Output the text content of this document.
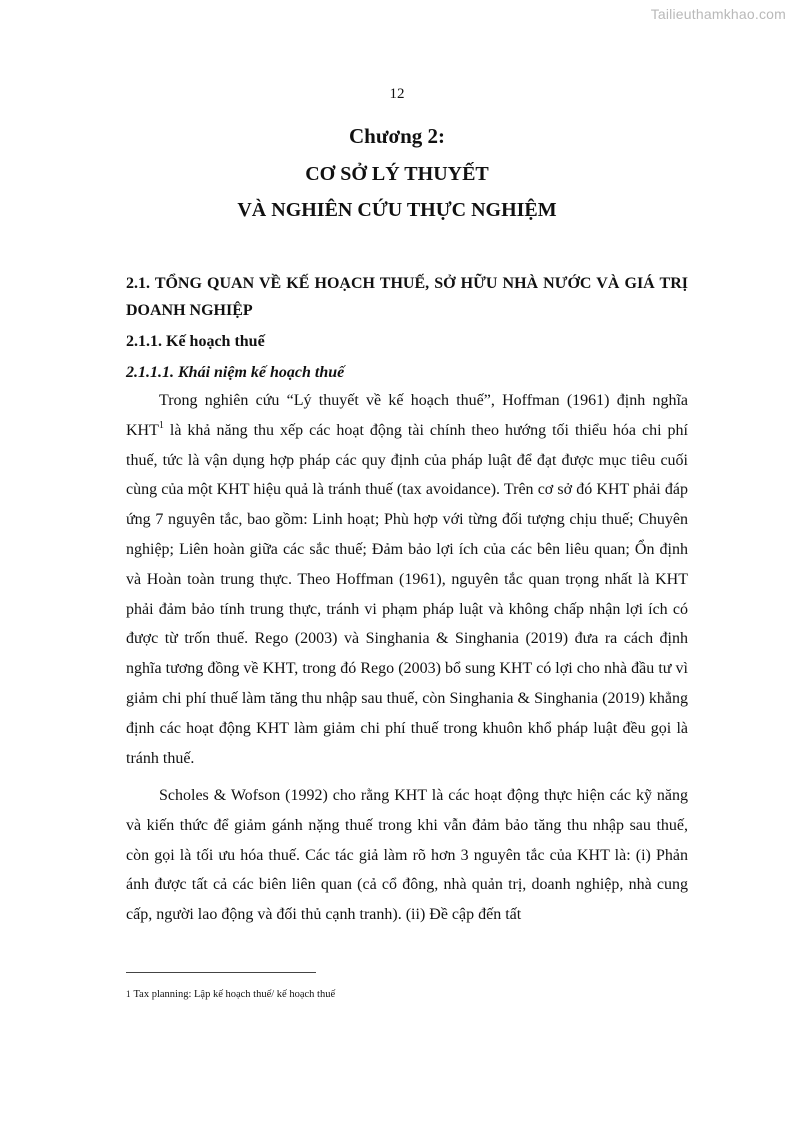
Tailieuthamkhao.com
12
Chương 2:
CƠ SỞ LÝ THUYẾT
VÀ NGHIÊN CỨU THỰC NGHIỆM
2.1. TỔNG QUAN VỀ KẾ HOẠCH THUẾ, SỞ HỮU NHÀ NƯỚC VÀ GIÁ TRỊ DOANH NGHIỆP
2.1.1. Kế hoạch thuế
2.1.1.1. Khái niệm kế hoạch thuế

Trong nghiên cứu “Lý thuyết về kế hoạch thuế”, Hoffman (1961) định nghĩa KHT$^1$ là khả năng thu xếp các hoạt động tài chính theo hướng tối thiểu hóa chi phí thuế, tức là vận dụng hợp pháp các quy định của pháp luật để đạt được mục tiêu cuối cùng của một KHT hiệu quả là tránh thuế (tax avoidance). Trên cơ sở đó KHT phải đáp ứng 7 nguyên tắc, bao gồm: Linh hoạt; Phù hợp với từng đối tượng chịu thuế; Chuyên nghiệp; Liên hoàn giữa các sắc thuế; Đảm bảo lợi ích của các bên liêu quan; Ổn định và Hoàn toàn trung thực. Theo Hoffman (1961), nguyên tắc quan trọng nhất là KHT phải đảm bảo tính trung thực, tránh vi phạm pháp luật và không chấp nhận lợi ích có được từ trốn thuế. Rego (2003) và Singhania & Singhania (2019) đưa ra cách định nghĩa tương đồng về KHT, trong đó Rego (2003) bổ sung KHT có lợi cho nhà đầu tư vì giảm chi phí thuế làm tăng thu nhập sau thuế, còn Singhania & Singhania (2019) khẳng định các hoạt động KHT làm giảm chi phí thuế trong khuôn khổ pháp luật đều gọi là tránh thuế.

Scholes & Wofson (1992) cho rằng KHT là các hoạt động thực hiện các kỹ năng và kiến thức để giảm gánh nặng thuế trong khi vẫn đảm bảo tăng thu nhập sau thuế, còn gọi là tối ưu hóa thuế. Các tác giả làm rõ hơn 3 nguyên tắc của KHT là: (i) Phản ánh được tất cả các biên liên quan (cả cổ đông, nhà quản trị, doanh nghiệp, nhà cung cấp, người lao động và đối thủ cạnh tranh). (ii) Đề cập đến tất

1 Tax planning: Lập kế hoạch thuế/ kế hoạch thuế
